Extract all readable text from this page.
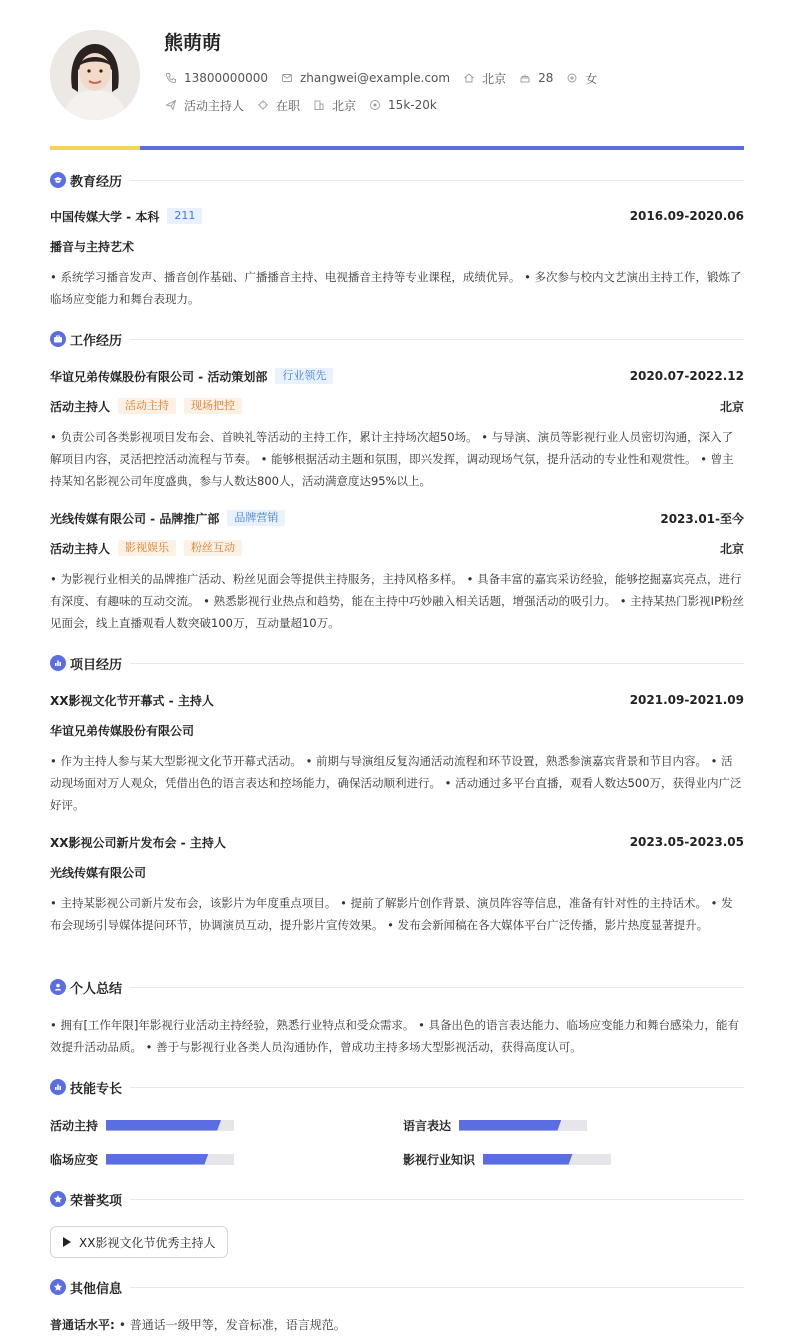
熊萌萌
13800000000	zhangwei@example.com	北京	28	女
活动主持人	在职	北京	15k-20k
教育经历
中国传媒大学 - 本科	211	2016.09-2020.06
播音与主持艺术
• 系统学习播音发声、播音创作基础、广播播音主持、电视播音主持等专业课程，成绩优异。 • 多次参与校内文艺演出主持工作，锻炼了临场应变能力和舞台表现力。
工作经历
华谊兄弟传媒股份有限公司 - 活动策划部	行业领先	2020.07-2022.12
活动主持人	活动主持	现场把控	北京
• 负责公司各类影视项目发布会、首映礼等活动的主持工作，累计主持场次超50场。 • 与导演、演员等影视行业人员密切沟通，深入了解项目内容，灵活把控活动流程与节奏。 • 能够根据活动主题和氛围，即兴发挥，调动现场气氛，提升活动的专业性和观赏性。 • 曾主持某知名影视公司年度盛典，参与人数达800人，活动满意度达95%以上。
光线传媒有限公司 - 品牌推广部	品牌营销	2023.01-至今
活动主持人	影视娱乐	粉丝互动	北京
• 为影视行业相关的品牌推广活动、粉丝见面会等提供主持服务，主持风格多样。 • 具备丰富的嘉宾采访经验，能够挖掘嘉宾亮点，进行有深度、有趣味的互动交流。 • 熟悉影视行业热点和趋势，能在主持中巧妙融入相关话题，增强活动的吸引力。 • 主持某热门影视IP粉丝见面会，线上直播观看人数突破100万，互动量超10万。
项目经历
XX影视文化节开幕式 - 主持人	2021.09-2021.09
华谊兄弟传媒股份有限公司
• 作为主持人参与某大型影视文化节开幕式活动。 • 前期与导演组反复沟通活动流程和环节设置，熟悉参演嘉宾背景和节目内容。 • 活动现场面对万人观众，凭借出色的语言表达和控场能力，确保活动顺利进行。 • 活动通过多平台直播，观看人数达500万，获得业内广泛好评。
XX影视公司新片发布会 - 主持人	2023.05-2023.05
光线传媒有限公司
• 主持某影视公司新片发布会，该影片为年度重点项目。 • 提前了解影片创作背景、演员阵容等信息，准备有针对性的主持话术。 • 发布会现场引导媒体提问环节，协调演员互动，提升影片宣传效果。 • 发布会新闻稿在各大媒体平台广泛传播，影片热度显著提升。
个人总结
• 拥有[工作年限]年影视行业活动主持经验，熟悉行业特点和受众需求。 • 具备出色的语言表达能力、临场应变能力和舞台感染力，能有效提升活动品质。 • 善于与影视行业各类人员沟通协作，曾成功主持多场大型影视活动，获得高度认可。
技能专长
活动主持	语言表达
临场应变	影视行业知识
荣誉奖项
XX影视文化节优秀主持人
其他信息
普通话水平: • 普通话一级甲等，发音标准，语言规范。
